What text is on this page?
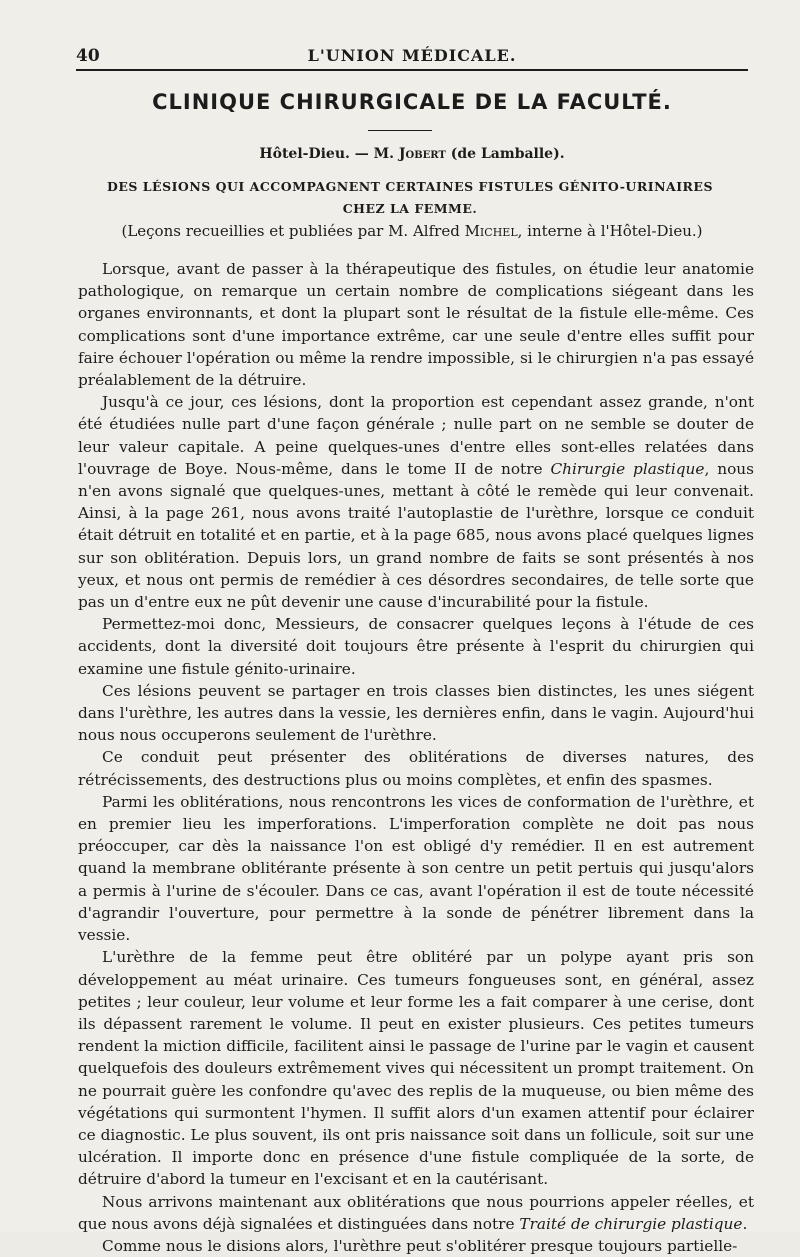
40	L'UNION MÉDICALE.
CLINIQUE CHIRURGICALE DE LA FACULTÉ.
Hôtel-Dieu. — M. Jobert (de Lamballe).
DES LÉSIONS QUI ACCOMPAGNENT CERTAINES FISTULES GÉNITO-URINAIRES CHEZ LA FEMME.
(Leçons recueillies et publiées par M. Alfred Michel, interne à l'Hôtel-Dieu.)

Lorsque, avant de passer à la thérapeutique des fistules, on étudie leur anatomie pathologique, on remarque un certain nombre de complications siégeant dans les organes environnants, et dont la plupart sont le résultat de la fistule elle-même. Ces complications sont d'une importance extrême, car une seule d'entre elles suffit pour faire échouer l'opération ou même la rendre impossible, si le chirurgien n'a pas essayé préalablement de la détruire.

Jusqu'à ce jour, ces lésions, dont la proportion est cependant assez grande, n'ont été étudiées nulle part d'une façon générale ; nulle part on ne semble se douter de leur valeur capitale. A peine quelques-unes d'entre elles sont-elles relatées dans l'ouvrage de Boye. Nous-même, dans le tome II de notre Chirurgie plastique, nous n'en avons signalé que quelques-unes, mettant à côté le remède qui leur convenait. Ainsi, à la page 261, nous avons traité l'autoplastie de l'urèthre, lorsque ce conduit était détruit en totalité et en partie, et à la page 685, nous avons placé quelques lignes sur son oblitération. Depuis lors, un grand nombre de faits se sont présentés à nos yeux, et nous ont permis de remédier à ces désordres secondaires, de telle sorte que pas un d'entre eux ne pût devenir une cause d'incurabilité pour la fistule.

Permettez-moi donc, Messieurs, de consacrer quelques leçons à l'étude de ces accidents, dont la diversité doit toujours être présente à l'esprit du chirurgien qui examine une fistule génito-urinaire.

Ces lésions peuvent se partager en trois classes bien distinctes, les unes siégent dans l'urèthre, les autres dans la vessie, les dernières enfin, dans le vagin. Aujourd'hui nous nous occuperons seulement de l'urèthre.

Ce conduit peut présenter des oblitérations de diverses natures, des rétrécissements, des destructions plus ou moins complètes, et enfin des spasmes.

Parmi les oblitérations, nous rencontrons les vices de conformation de l'urèthre, et en premier lieu les imperforations. L'imperforation complète ne doit pas nous préoccuper, car dès la naissance l'on est obligé d'y remédier. Il en est autrement quand la membrane oblitérante présente à son centre un petit pertuis qui jusqu'alors a permis à l'urine de s'écouler. Dans ce cas, avant l'opération il est de toute nécessité d'agrandir l'ouverture, pour permettre à la sonde de pénétrer librement dans la vessie.

L'urèthre de la femme peut être oblitéré par un polype ayant pris son développement au méat urinaire. Ces tumeurs fongueuses sont, en général, assez petites ; leur couleur, leur volume et leur forme les a fait comparer à une cerise, dont ils dépassent rarement le volume. Il peut en exister plusieurs. Ces petites tumeurs rendent la miction difficile, facilitent ainsi le passage de l'urine par le vagin et causent quelquefois des douleurs extrêmement vives qui nécessitent un prompt traitement. On ne pourrait guère les confondre qu'avec des replis de la muqueuse, ou bien même des végétations qui surmontent l'hymen. Il suffit alors d'un examen attentif pour éclairer ce diagnostic. Le plus souvent, ils ont pris naissance soit dans un follicule, soit sur une ulcération. Il importe donc en présence d'une fistule compliquée de la sorte, de détruire d'abord la tumeur en l'excisant et en la cautérisant.

Nous arrivons maintenant aux oblitérations que nous pourrions appeler réelles, et que nous avons déjà signalées et distinguées dans notre Traité de chirurgie plastique.

Comme nous le disions alors, l'urèthre peut s'oblitérer presque toujours partielle-
